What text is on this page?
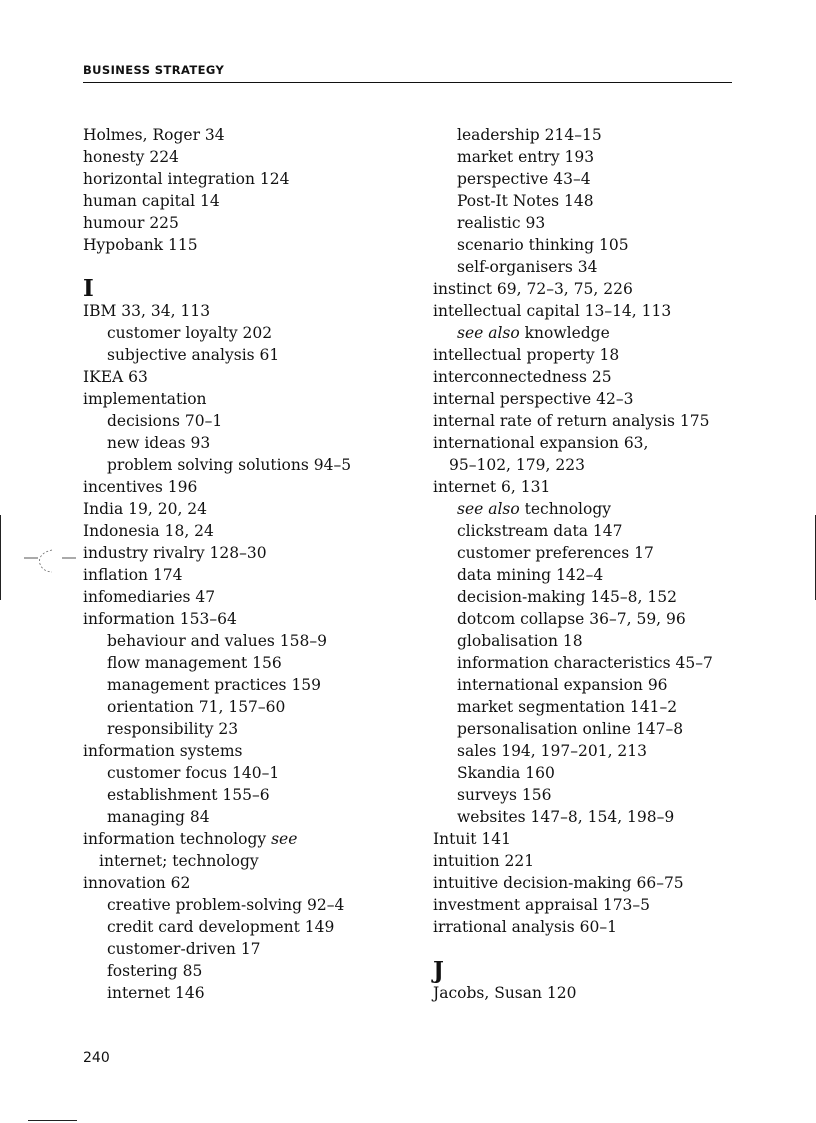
BUSINESS STRATEGY
Holmes, Roger 34
honesty 224
horizontal integration 124
human capital 14
humour 225
Hypobank 115
I
IBM 33, 34, 113
customer loyalty 202
subjective analysis 61
IKEA 63
implementation
decisions 70–1
new ideas 93
problem solving solutions 94–5
incentives 196
India 19, 20, 24
Indonesia 18, 24
industry rivalry 128–30
inflation 174
infomediaries 47
information 153–64
behaviour and values 158–9
flow management 156
management practices 159
orientation 71, 157–60
responsibility 23
information systems
customer focus 140–1
establishment 155–6
managing 84
information technology see
internet; technology
innovation 62
creative problem-solving 92–4
credit card development 149
customer-driven 17
fostering 85
internet 146
leadership 214–15
market entry 193
perspective 43–4
Post-It Notes 148
realistic 93
scenario thinking 105
self-organisers 34
instinct 69, 72–3, 75, 226
intellectual capital 13–14, 113
see also knowledge
intellectual property 18
interconnectedness 25
internal perspective 42–3
internal rate of return analysis 175
international expansion 63,
95–102, 179, 223
internet 6, 131
see also technology
clickstream data 147
customer preferences 17
data mining 142–4
decision-making 145–8, 152
dotcom collapse 36–7, 59, 96
globalisation 18
information characteristics 45–7
international expansion 96
market segmentation 141–2
personalisation online 147–8
sales 194, 197–201, 213
Skandia 160
surveys 156
websites 147–8, 154, 198–9
Intuit 141
intuition 221
intuitive decision-making 66–75
investment appraisal 173–5
irrational analysis 60–1
J
Jacobs, Susan 120
240
